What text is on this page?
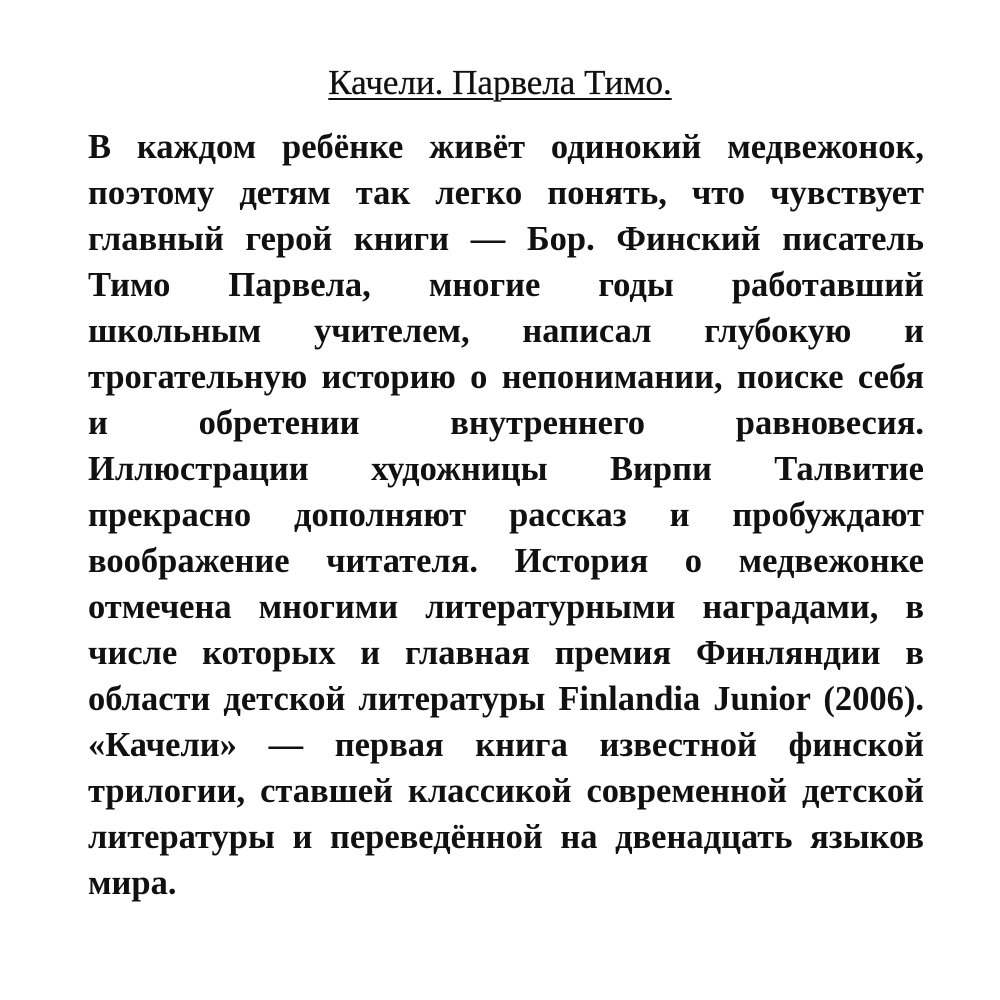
Качели. Парвела Тимо.
В каждом ребёнке живёт одинокий медвежонок,
поэтому детям так легко понять, что чувствует
главный герой книги — Бор. Финский писатель
Тимо Парвела, многие годы работавший
школьным учителем, написал глубокую и
трогательную историю о непонимании, поиске себя
и обретении внутреннего равновесия.
Иллюстрации художницы Вирпи Талвитие
прекрасно дополняют рассказ и пробуждают
воображение читателя. История о медвежонке
отмечена многими литературными наградами, в
числе которых и главная премия Финляндии в
области детской литературы Finlandia Junior (2006).
«Качели» — первая книга известной финской
трилогии, ставшей классикой современной детской
литературы и переведённой на двенадцать языков
мира.
